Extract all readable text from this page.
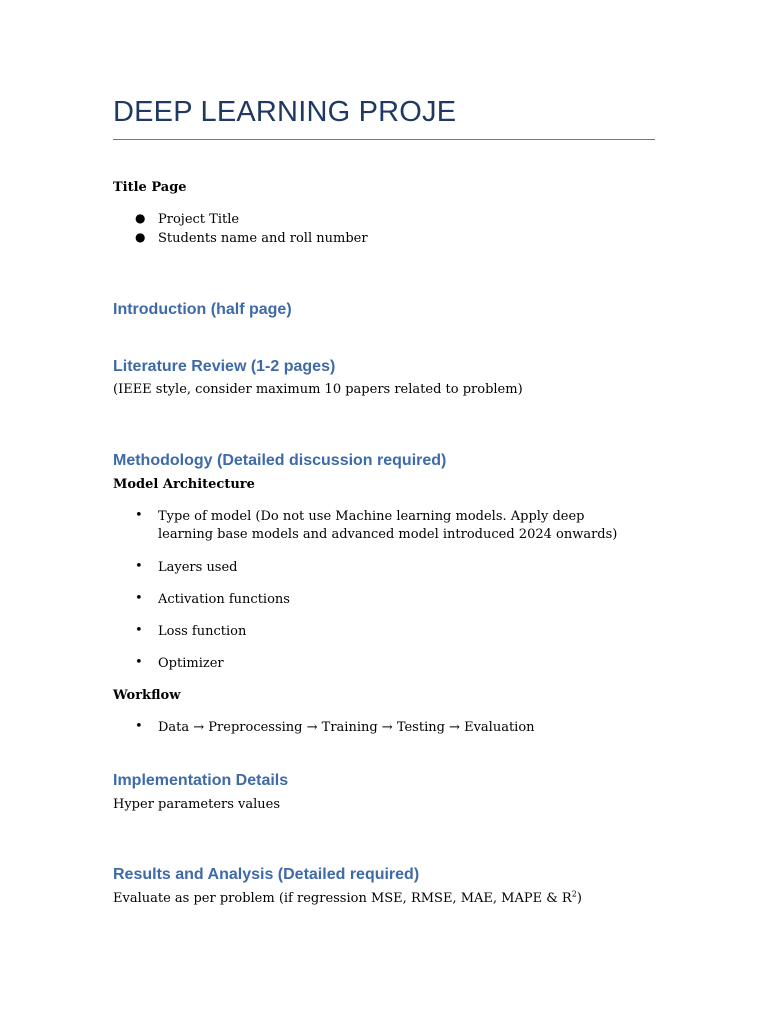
DEEP LEARNING PROJE
Title Page
● Project Title
● Students name and roll number
Introduction (half page)
Literature Review (1-2 pages)
(IEEE style, consider maximum 10 papers related to problem)
Methodology (Detailed discussion required)
Model Architecture
• Type of model (Do not use Machine learning models. Apply deep learning base models and advanced model introduced 2024 onwards)
• Layers used
• Activation functions
• Loss function
• Optimizer
Workflow
• Data → Preprocessing → Training → Testing → Evaluation
Implementation Details
Hyper parameters values
Results and Analysis (Detailed required)
Evaluate as per problem (if regression MSE, RMSE, MAE, MAPE & $R^2$)
